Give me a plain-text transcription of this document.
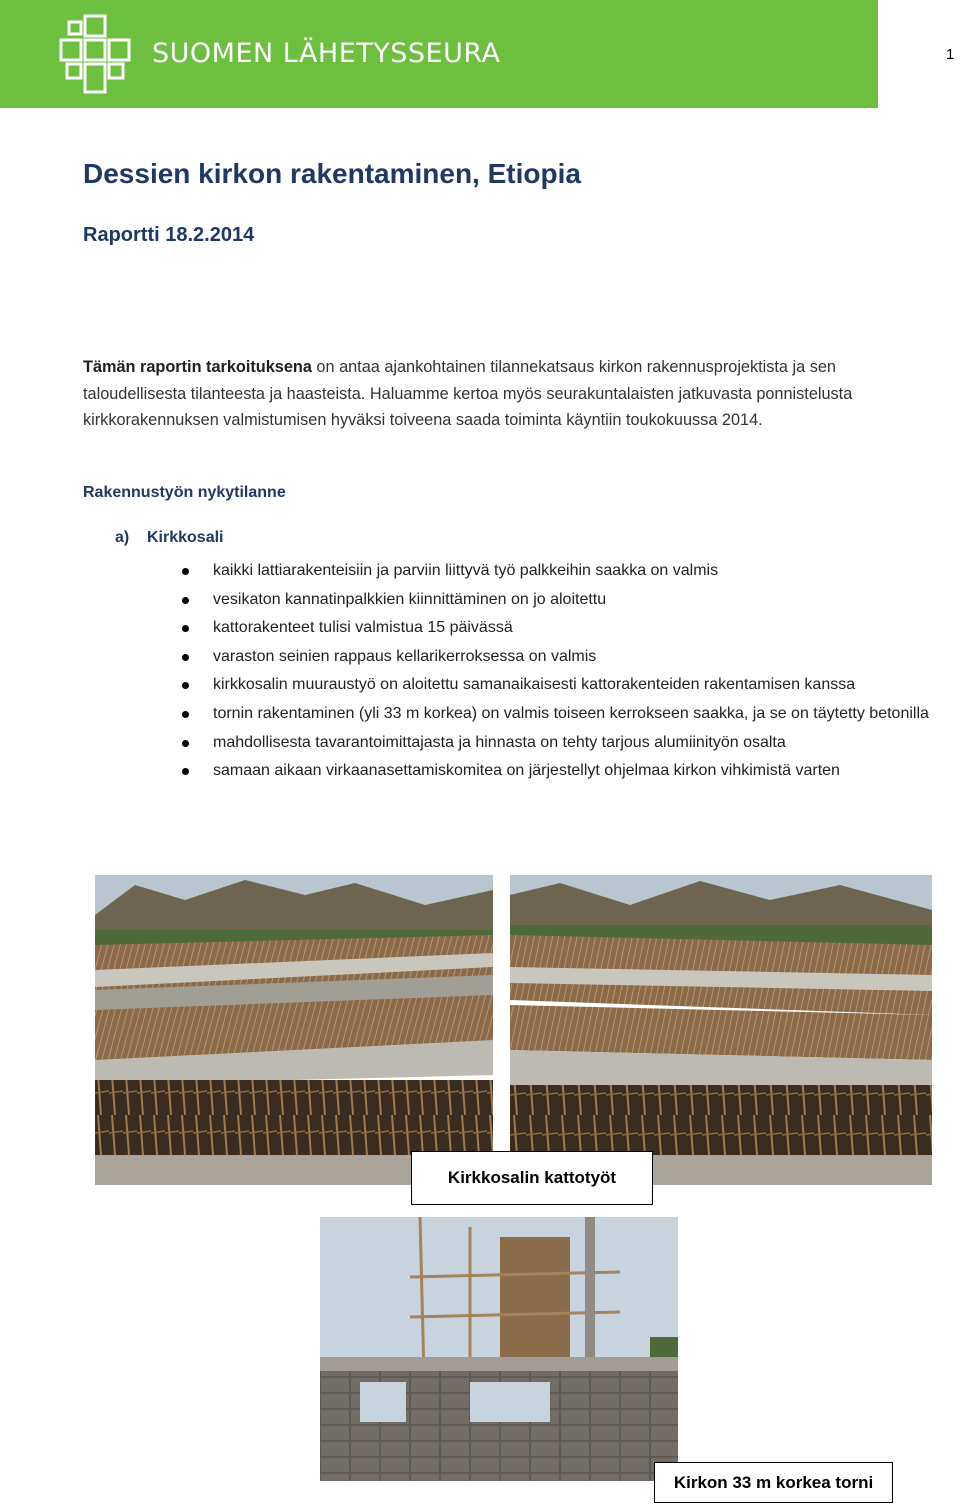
SUOMEN LÄHETYSSEURA	1
Dessien kirkon rakentaminen, Etiopia
Raportti 18.2.2014

Tämän raportin tarkoituksena on antaa ajankohtainen tilannekatsaus kirkon rakennusprojektista ja sen taloudellisesta tilanteesta ja haasteista. Haluamme kertoa myös seurakuntalaisten jatkuvasta ponnistelusta kirkkorakennuksen valmistumisen hyväksi toiveena saada toiminta käyntiin toukokuussa 2014.

Rakennustyön nykytilanne
a) Kirkkosali
kaikki lattiarakenteisiin ja parviin liittyvä työ palkkeihin saakka on valmis
vesikaton kannatinpalkkien kiinnittäminen on jo aloitettu
kattorakenteet tulisi valmistua 15 päivässä
varaston seinien rappaus kellarikerroksessa on valmis
kirkkosalin muuraustyö on aloitettu samanaikaisesti kattorakenteiden rakentamisen kanssa
tornin rakentaminen (yli 33 m korkea) on valmis toiseen kerrokseen saakka, ja se on täytetty betonilla
mahdollisesta tavarantoimittajasta ja hinnasta on tehty tarjous alumiinityön osalta
samaan aikaan virkaanasettamiskomitea on järjestellyt ohjelmaa kirkon vihkimistä varten
Kirkkosalin kattotyöt
Kirkon 33 m korkea torni
